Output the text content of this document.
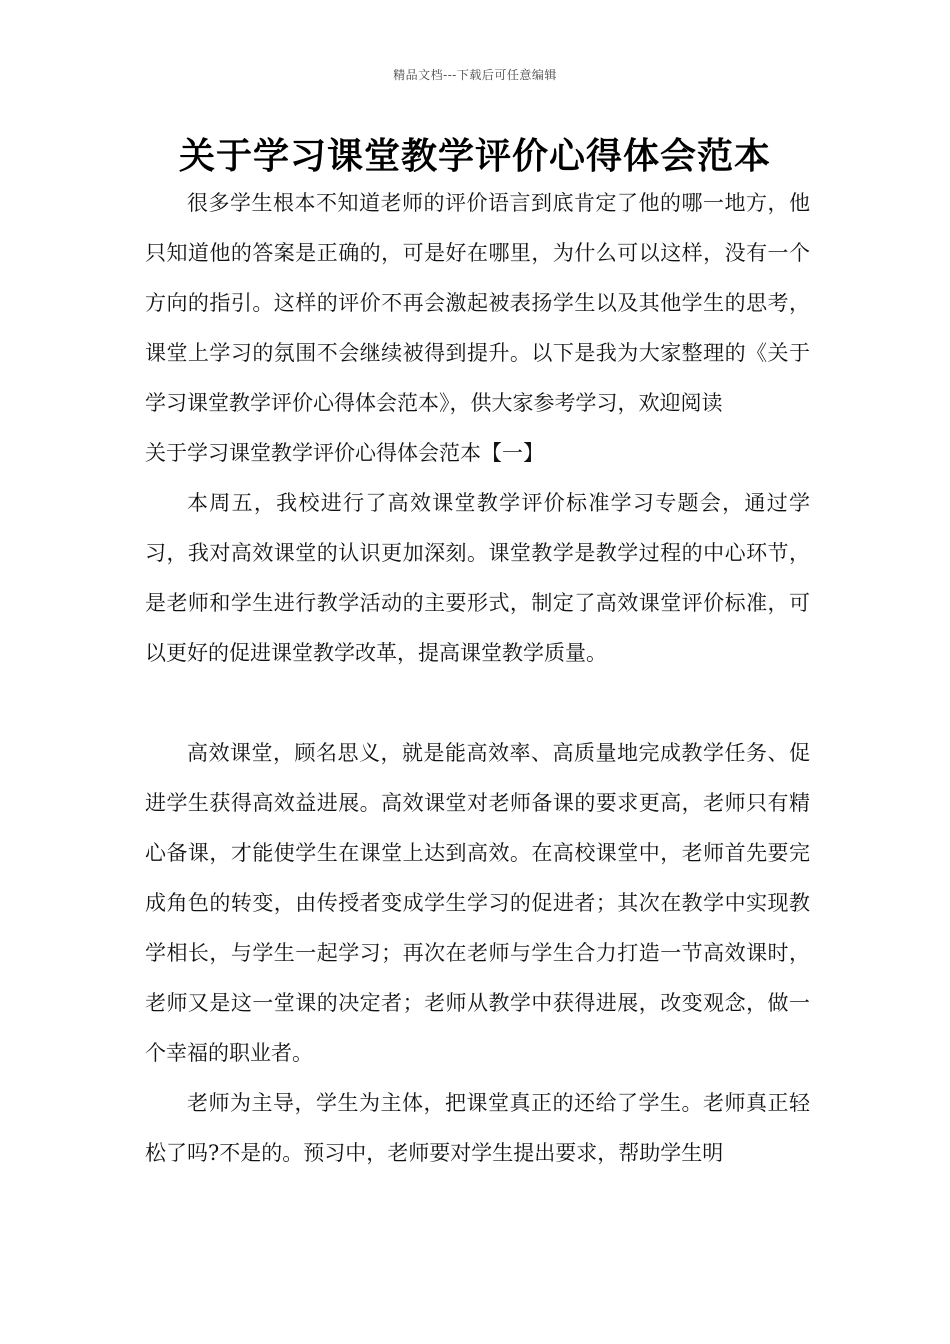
精品文档---下载后可任意编辑
关于学习课堂教学评价心得体会范本

很多学生根本不知道老师的评价语言到底肯定了他的哪一地方，他只知道他的答案是正确的，可是好在哪里，为什么可以这样，没有一个方向的指引。这样的评价不再会激起被表扬学生以及其他学生的思考，课堂上学习的氛围不会继续被得到提升。以下是我为大家整理的《关于学习课堂教学评价心得体会范本》，供大家参考学习，欢迎阅读

关于学习课堂教学评价心得体会范本【一】

本周五，我校进行了高效课堂教学评价标准学习专题会，通过学习，我对高效课堂的认识更加深刻。课堂教学是教学过程的中心环节，是老师和学生进行教学活动的主要形式，制定了高效课堂评价标准，可以更好的促进课堂教学改革，提高课堂教学质量。

高效课堂，顾名思义，就是能高效率、高质量地完成教学任务、促进学生获得高效益进展。高效课堂对老师备课的要求更高，老师只有精心备课，才能使学生在课堂上达到高效。在高校课堂中，老师首先要完成角色的转变，由传授者变成学生学习的促进者；其次在教学中实现教学相长，与学生一起学习；再次在老师与学生合力打造一节高效课时，老师又是这一堂课的决定者；老师从教学中获得进展，改变观念，做一个幸福的职业者。

老师为主导，学生为主体，把课堂真正的还给了学生。老师真正轻松了吗?不是的。预习中，老师要对学生提出要求，帮助学生明
